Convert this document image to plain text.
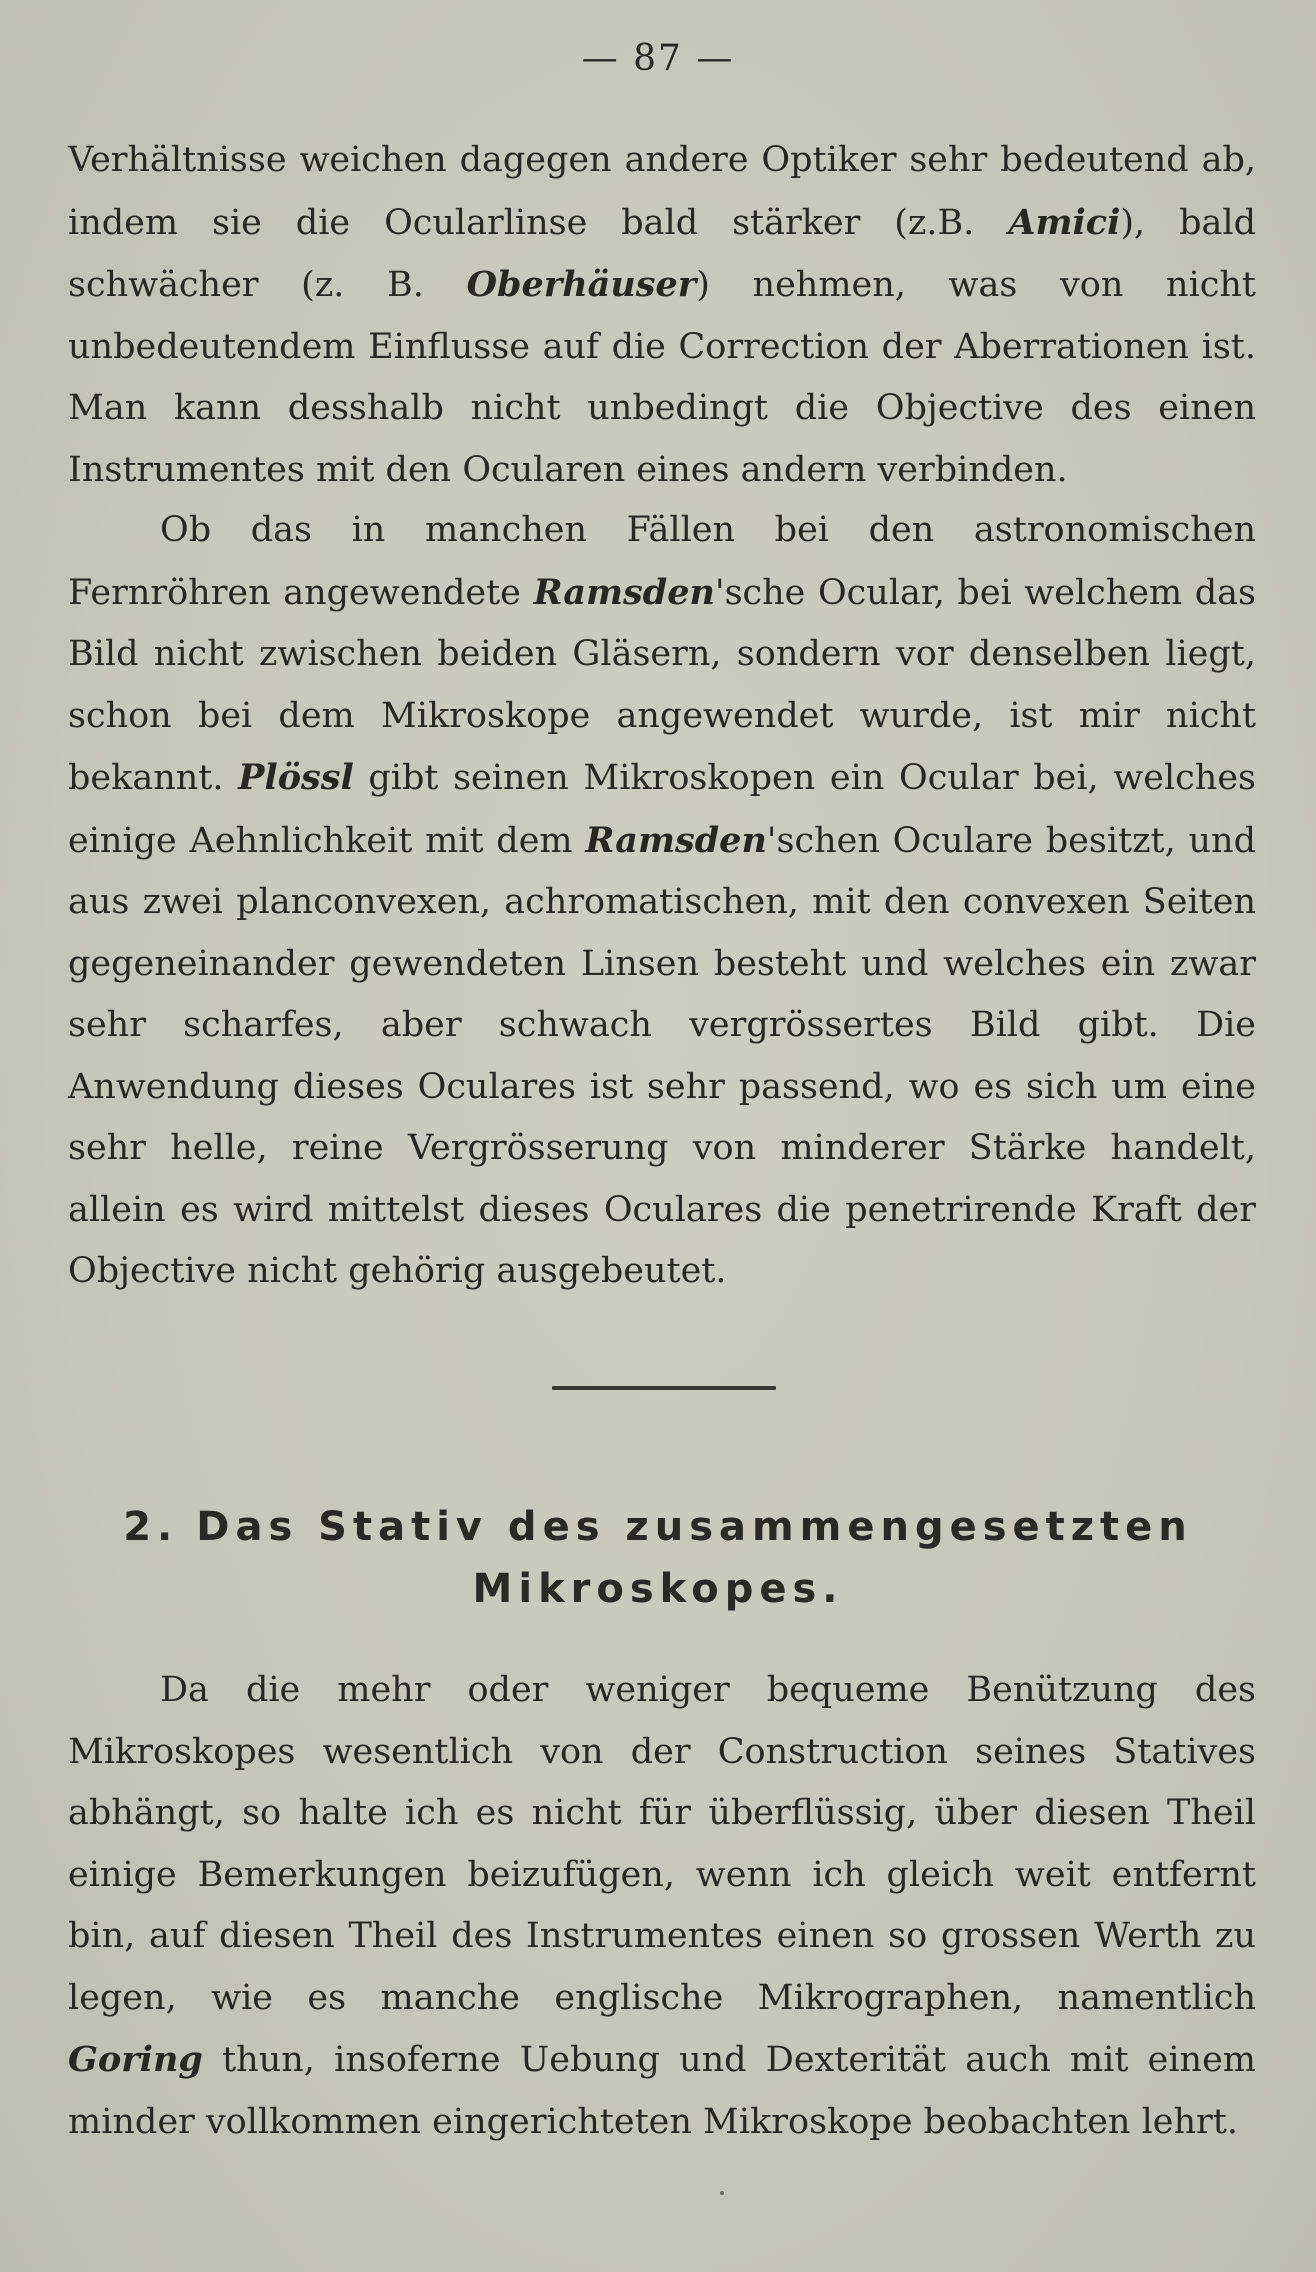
— 87 —

Verhältnisse weichen dagegen andere Optiker sehr bedeutend ab, indem sie die Ocularlinse bald stärker (z.B. Amici), bald schwächer (z. B. Oberhäuser) nehmen, was von nicht unbedeutendem Einflusse auf die Correction der Aberrationen ist. Man kann desshalb nicht unbedingt die Objective des einen Instrumentes mit den Ocularen eines andern verbinden.

Ob das in manchen Fällen bei den astronomischen Fernröhren angewendete Ramsden'sche Ocular, bei welchem das Bild nicht zwischen beiden Gläsern, sondern vor denselben liegt, schon bei dem Mikroskope angewendet wurde, ist mir nicht bekannt. Plössl gibt seinen Mikroskopen ein Ocular bei, welches einige Aehnlichkeit mit dem Ramsden'schen Oculare besitzt, und aus zwei planconvexen, achromatischen, mit den convexen Seiten gegeneinander gewendeten Linsen besteht und welches ein zwar sehr scharfes, aber schwach vergrössertes Bild gibt. Die Anwendung dieses Oculares ist sehr passend, wo es sich um eine sehr helle, reine Vergrösserung von minderer Stärke handelt, allein es wird mittelst dieses Oculares die penetrirende Kraft der Objective nicht gehörig ausgebeutet.

2. Das Stativ des zusammengesetzten
Mikroskopes.

Da die mehr oder weniger bequeme Benützung des Mikroskopes wesentlich von der Construction seines Statives abhängt, so halte ich es nicht für überflüssig, über diesen Theil einige Bemerkungen beizufügen, wenn ich gleich weit entfernt bin, auf diesen Theil des Instrumentes einen so grossen Werth zu legen, wie es manche englische Mikrographen, namentlich Goring thun, insoferne Uebung und Dexterität auch mit einem minder vollkommen eingerichteten Mikroskope beobachten lehrt.
